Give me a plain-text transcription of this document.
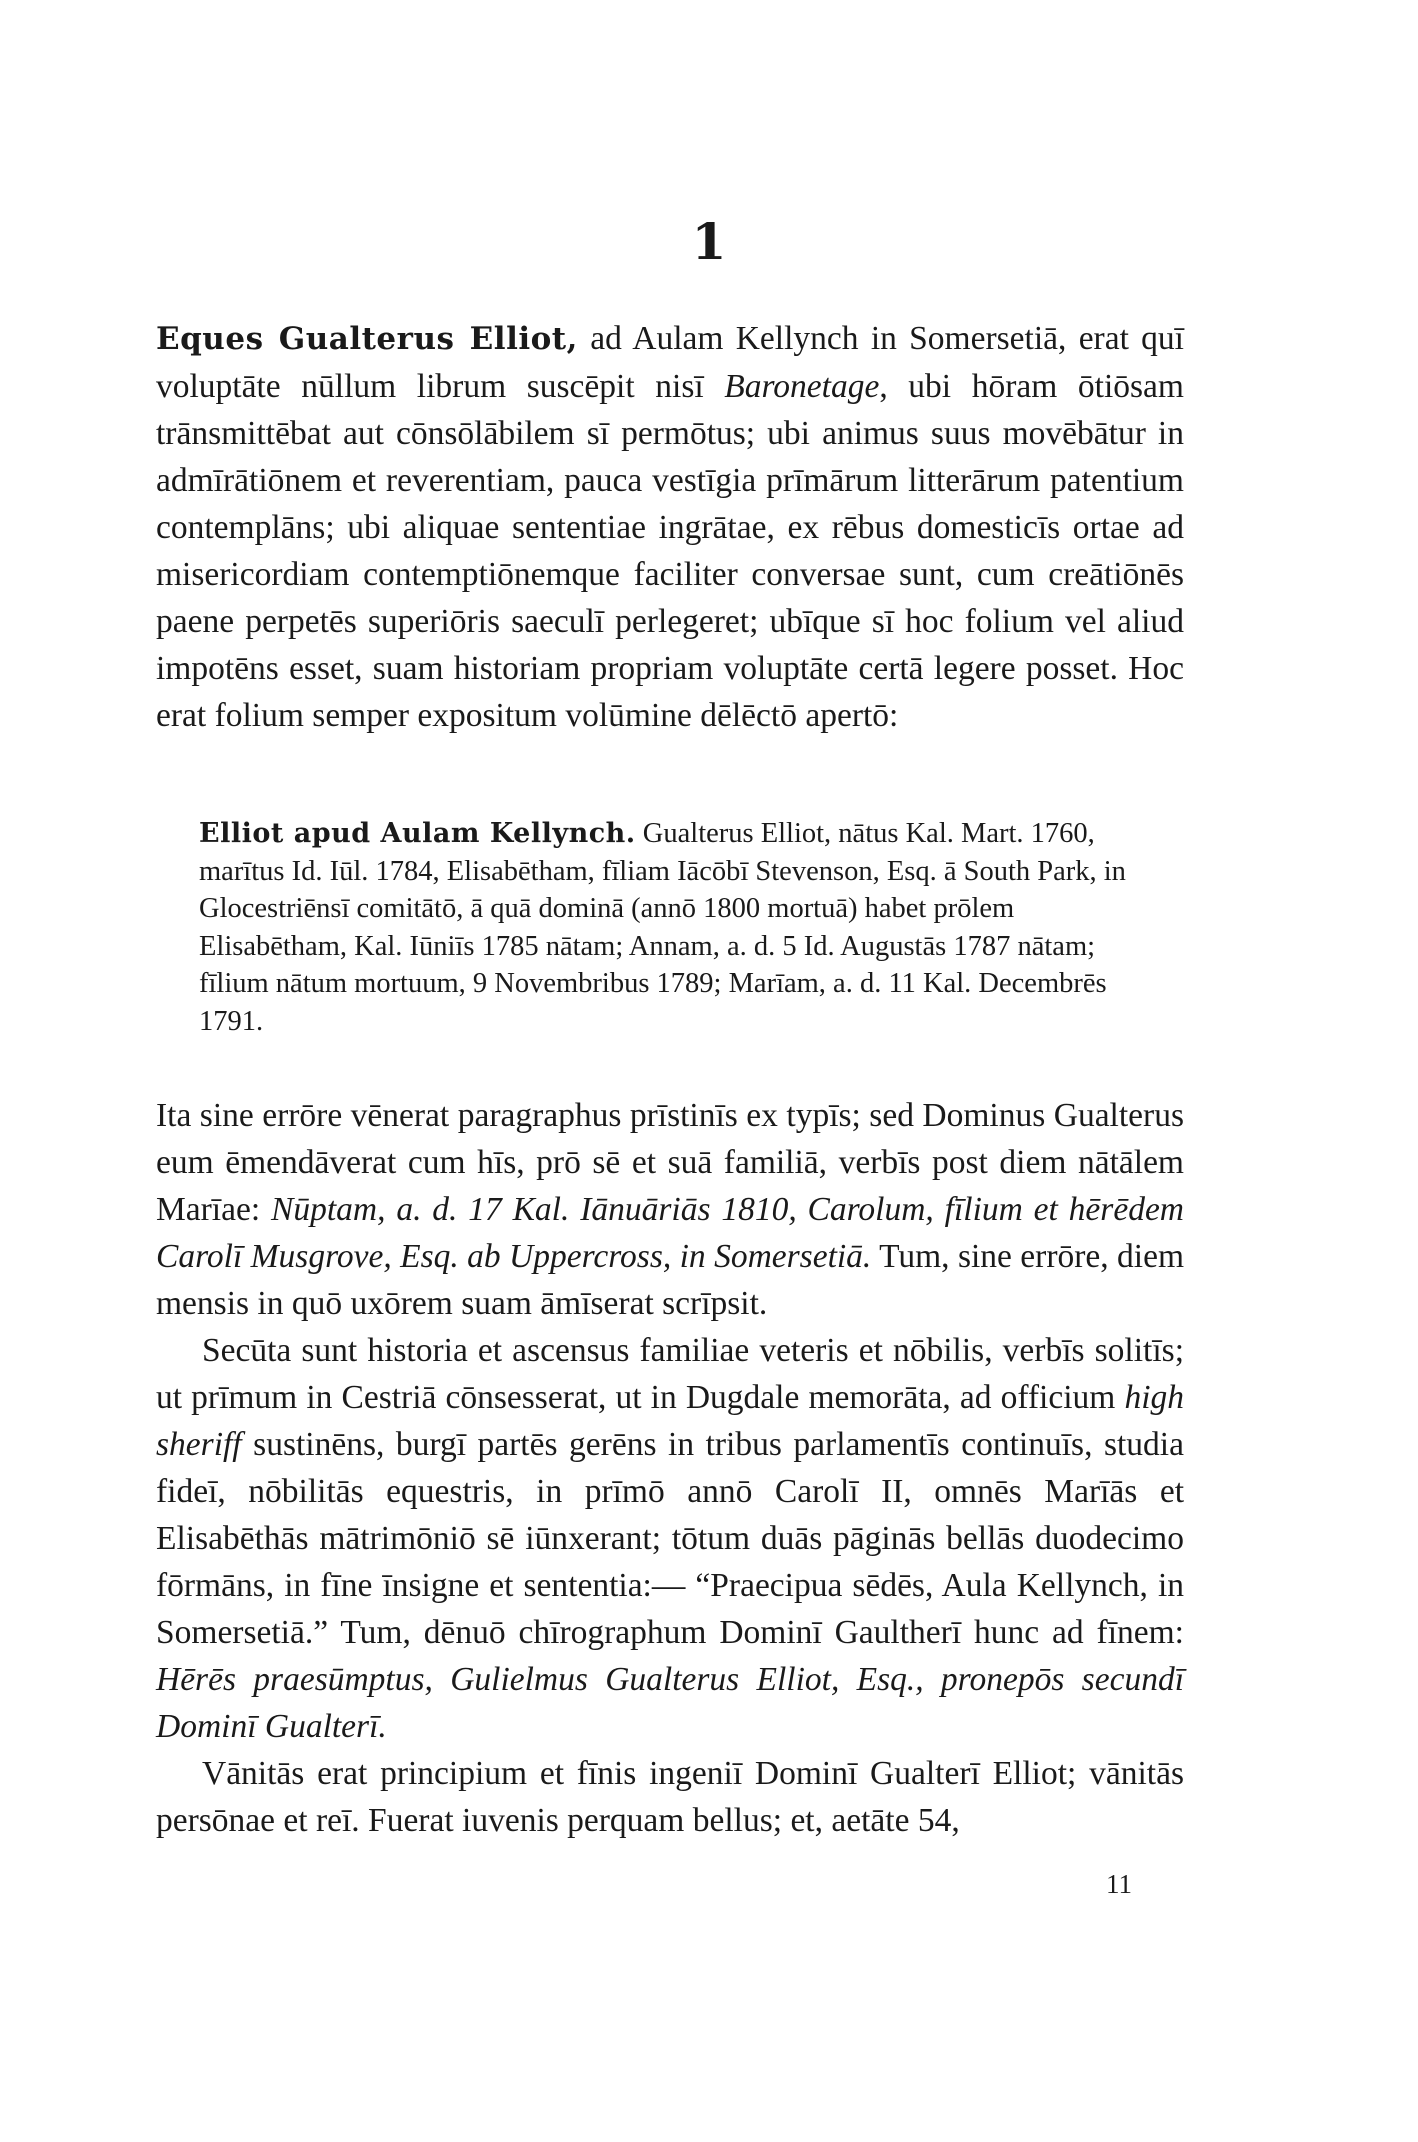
1

Eques Gualterus Elliot, ad Aulam Kellynch in Somersetiā, erat quī voluptāte nūllum librum suscēpit nisī Baronetage, ubi hōram ōtiōsam trānsmittēbat aut cōnsōlābilem sī permōtus; ubi animus suus movēbātur in admīrātiōnem et reverentiam, pauca vestīgia prīmārum litterārum patentium contemplāns; ubi aliquae sententiae ingrātae, ex rēbus domesticīs ortae ad misericordiam contemptiōnemque faciliter conversae sunt, cum creātiōnēs paene perpetēs superiōris saeculī perlegeret; ubīque sī hoc folium vel aliud impotēns esset, suam historiam propriam voluptāte certā legere posset. Hoc erat folium semper expositum volūmine dēlēctō apertō:

Elliot apud Aulam Kellynch. Gualterus Elliot, nātus Kal. Mart. 1760, marītus Id. Iūl. 1784, Elisabētham, fīliam Iācōbī Stevenson, Esq. ā South Park, in Glocestriēnsī comitātō, ā quā dominā (annō 1800 mortuā) habet prōlem Elisabētham, Kal. Iūniīs 1785 nātam; Annam, a. d. 5 Id. Augustās 1787 nātam; fīlium nātum mortuum, 9 Novembribus 1789; Marīam, a. d. 11 Kal. Decembrēs 1791.

Ita sine errōre vēnerat paragraphus prīstinīs ex typīs; sed Dominus Gualterus eum ēmendāverat cum hīs, prō sē et suā familiā, verbīs post diem nātālem Marīae: Nūptam, a. d. 17 Kal. Iānuāriās 1810, Carolum, fīlium et hērēdem Carolī Musgrove, Esq. ab Uppercross, in Somersetiā. Tum, sine errōre, diem mensis in quō uxōrem suam āmīserat scrīpsit.

Secūta sunt historia et ascensus familiae veteris et nōbilis, verbīs solitīs; ut prīmum in Cestriā cōnsesserat, ut in Dugdale memorāta, ad officium high sheriff sustinēns, burgī partēs gerēns in tribus parlamentīs continuīs, studia fideī, nōbilitās equestris, in prīmō annō Carolī II, omnēs Marīās et Elisabēthās mātrimōniō sē iūnxerant; tōtum duās pāginās bellās duodecimo fōrmāns, in fīne īnsigne et sententia:— “Praecipua sēdēs, Aula Kellynch, in Somersetiā.” Tum, dēnuō chīrographum Dominī Gaultherī hunc ad fīnem: Hērēs praesūmptus, Gulielmus Gualterus Elliot, Esq., pronepōs secundī Dominī Gualterī.

Vānitās erat principium et fīnis ingeniī Dominī Gualterī Elliot; vānitās persōnae et reī. Fuerat iuvenis perquam bellus; et, aetāte 54,

11
